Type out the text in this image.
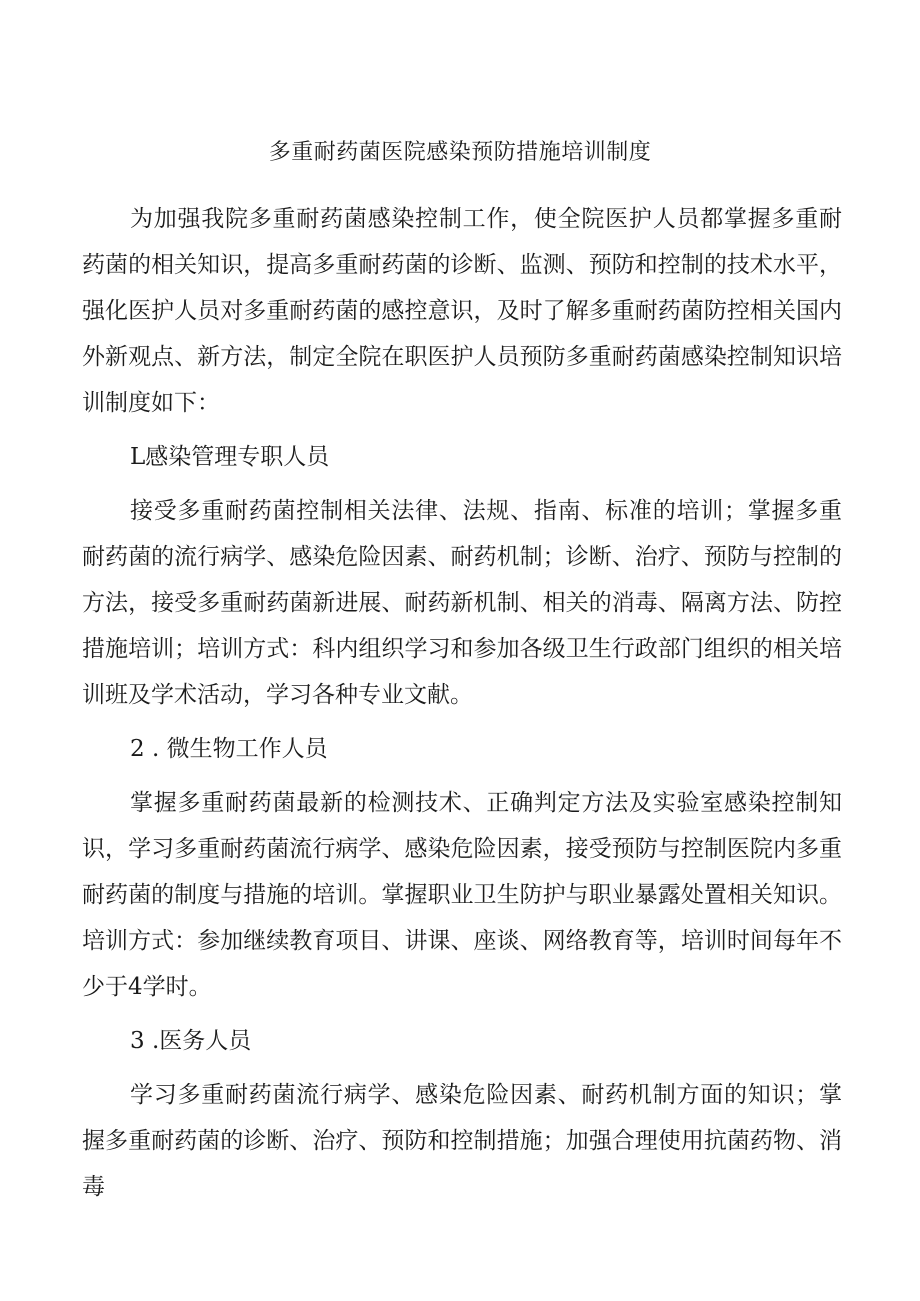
多重耐药菌医院感染预防措施培训制度

为加强我院多重耐药菌感染控制工作，使全院医护人员都掌握多重耐药菌的相关知识，提高多重耐药菌的诊断、监测、预防和控制的技术水平，强化医护人员对多重耐药菌的感控意识，及时了解多重耐药菌防控相关国内外新观点、新方法，制定全院在职医护人员预防多重耐药菌感染控制知识培训制度如下：

L感染管理专职人员

接受多重耐药菌控制相关法律、法规、指南、标准的培训；掌握多重耐药菌的流行病学、感染危险因素、耐药机制；诊断、治疗、预防与控制的方法，接受多重耐药菌新进展、耐药新机制、相关的消毒、隔离方法、防控措施培训；培训方式：科内组织学习和参加各级卫生行政部门组织的相关培训班及学术活动，学习各种专业文献。

2 . 微生物工作人员

掌握多重耐药菌最新的检测技术、正确判定方法及实验室感染控制知识，学习多重耐药菌流行病学、感染危险因素，接受预防与控制医院内多重耐药菌的制度与措施的培训。掌握职业卫生防护与职业暴露处置相关知识。培训方式：参加继续教育项目、讲课、座谈、网络教育等，培训时间每年不少于4学时。

3 .医务人员

学习多重耐药菌流行病学、感染危险因素、耐药机制方面的知识；掌握多重耐药菌的诊断、治疗、预防和控制措施；加强合理使用抗菌药物、消毒
